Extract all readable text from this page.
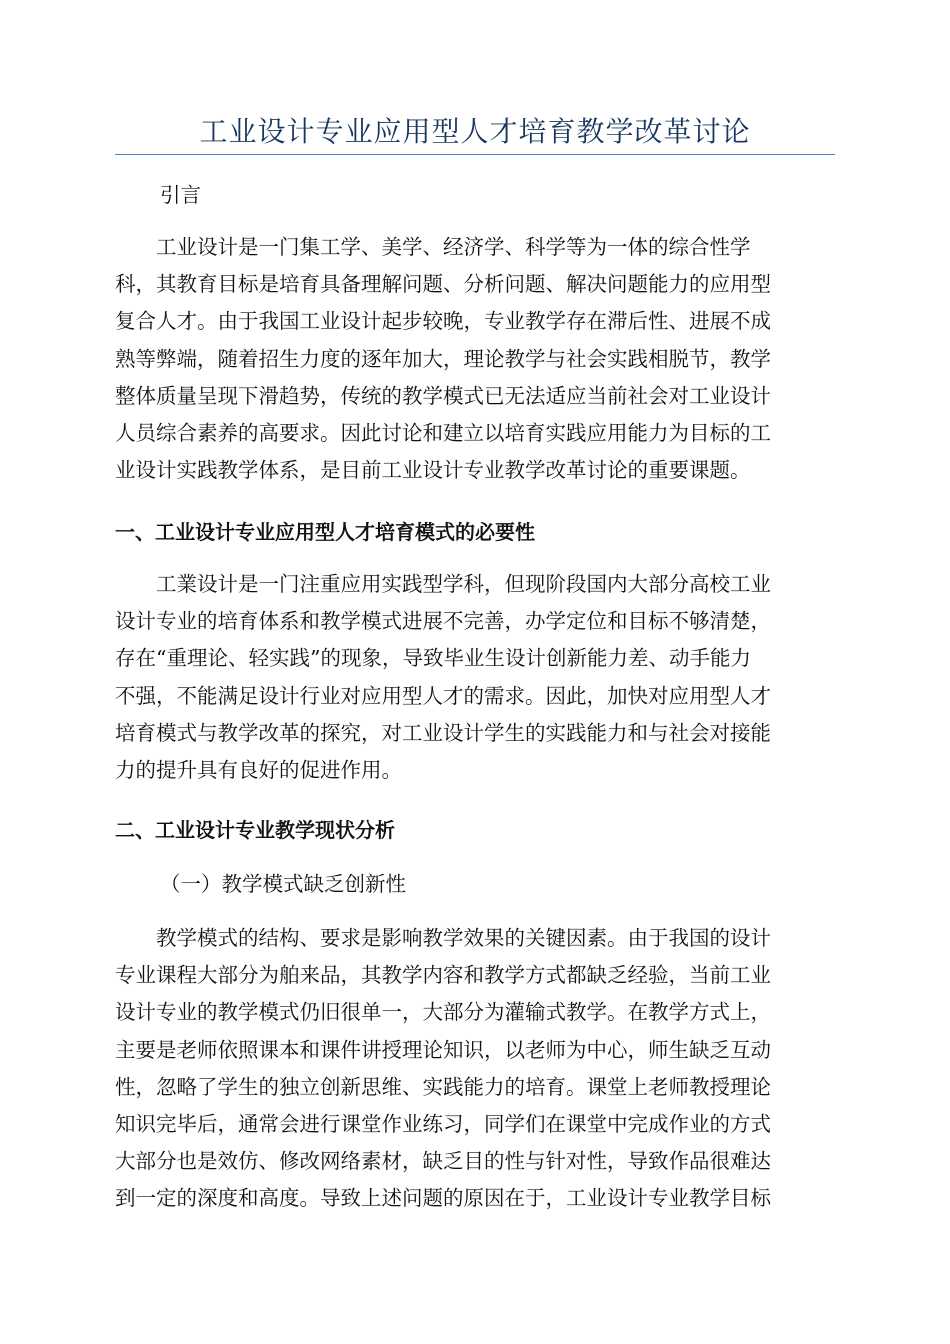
工业设计专业应用型人才培育教学改革讨论
引言
工业设计是一门集工学、美学、经济学、科学等为一体的综合性学
科，其教育目标是培育具备理解问题、分析问题、解决问题能力的应用型
复合人才。由于我国工业设计起步较晚，专业教学存在滞后性、进展不成
熟等弊端，随着招生力度的逐年加大，理论教学与社会实践相脱节，教学
整体质量呈现下滑趋势，传统的教学模式已无法适应当前社会对工业设计
人员综合素养的高要求。因此讨论和建立以培育实践应用能力为目标的工
业设计实践教学体系，是目前工业设计专业教学改革讨论的重要课题。
一、工业设计专业应用型人才培育模式的必要性
工業设计是一门注重应用实践型学科，但现阶段国内大部分高校工业
设计专业的培育体系和教学模式进展不完善，办学定位和目标不够清楚，
存在“重理论、轻实践”的现象，导致毕业生设计创新能力差、动手能力
不强，不能满足设计行业对应用型人才的需求。因此，加快对应用型人才
培育模式与教学改革的探究，对工业设计学生的实践能力和与社会对接能
力的提升具有良好的促进作用。
二、工业设计专业教学现状分析
（一）教学模式缺乏创新性
教学模式的结构、要求是影响教学效果的关键因素。由于我国的设计
专业课程大部分为舶来品，其教学内容和教学方式都缺乏经验，当前工业
设计专业的教学模式仍旧很单一，大部分为灌输式教学。在教学方式上，
主要是老师依照课本和课件讲授理论知识，以老师为中心，师生缺乏互动
性，忽略了学生的独立创新思维、实践能力的培育。课堂上老师教授理论
知识完毕后，通常会进行课堂作业练习，同学们在课堂中完成作业的方式
大部分也是效仿、修改网络素材，缺乏目的性与针对性，导致作品很难达
到一定的深度和高度。导致上述问题的原因在于，工业设计专业教学目标
